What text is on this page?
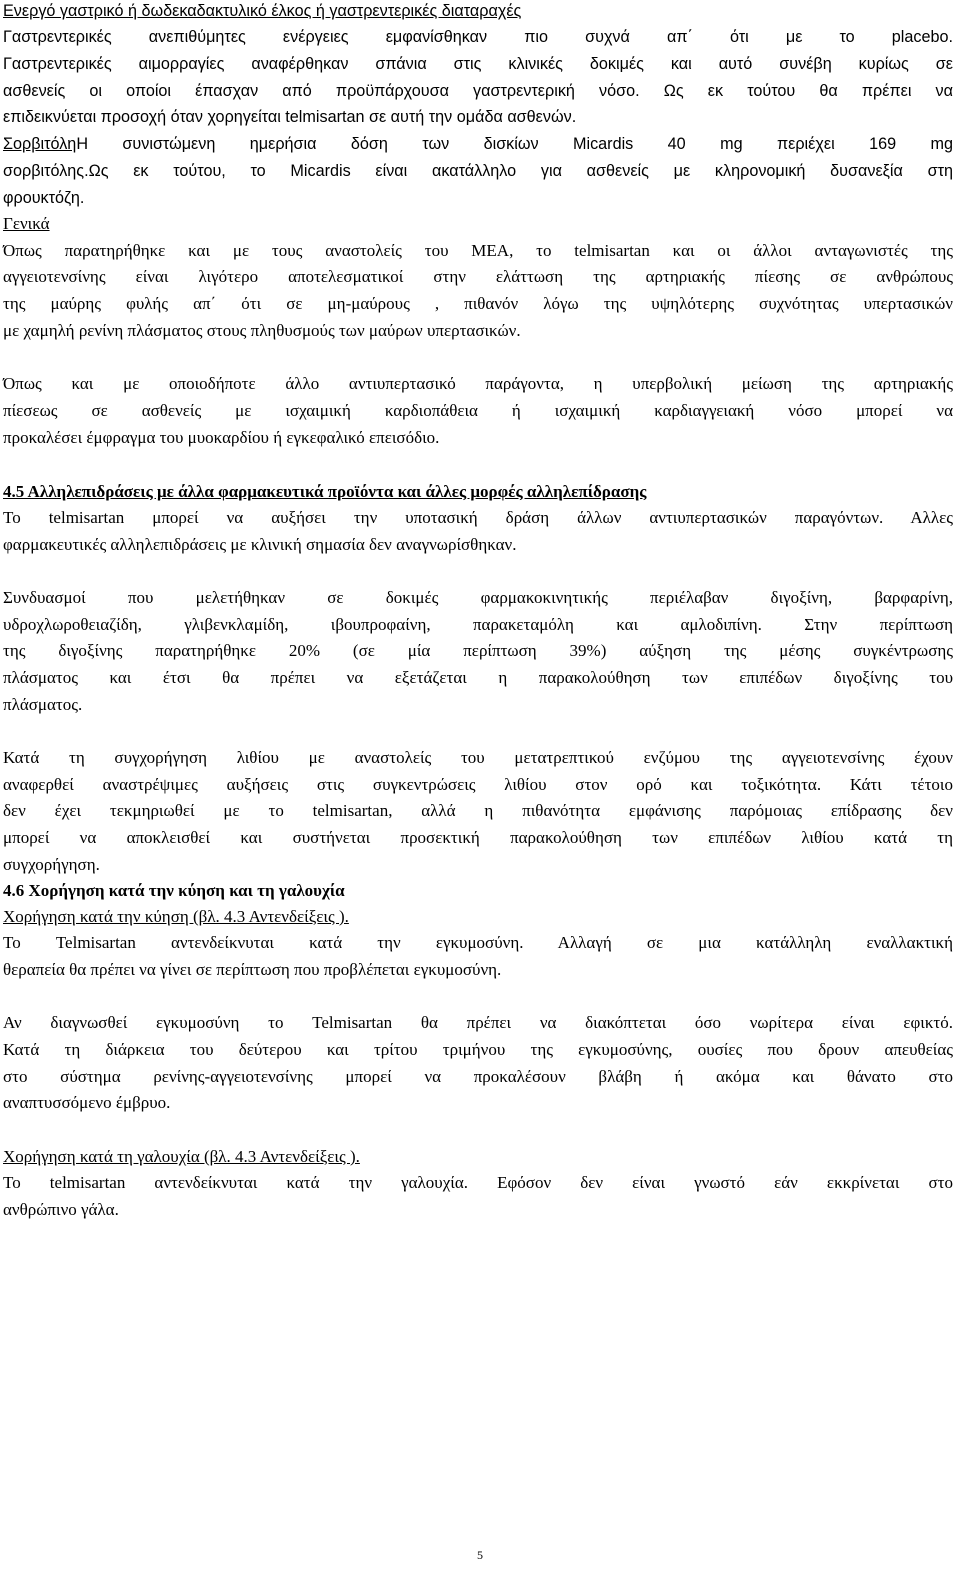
Ενεργό γαστρικό ή δωδεκαδακτυλικό έλκος ή γαστρεντερικές διαταραχές
Γαστρεντερικές ανεπιθύμητες ενέργειες εμφανίσθηκαν πιο συχνά απ΄ ότι με το placebo.
Γαστρεντερικές αιμορραγίες αναφέρθηκαν σπάνια στις κλινικές δοκιμές και αυτό συνέβη κυρίως σε
ασθενείς οι οποίοι έπασχαν από προϋπάρχουσα γαστρεντερική νόσο. Ως εκ τούτου θα πρέπει να
επιδεικνύεται προσοχή όταν χορηγείται telmisartan σε αυτή την ομάδα ασθενών.
ΣορβιτόληΗ συνιστώμενη ημερήσια δόση των δισκίων Micardis 40 mg περιέχει 169 mg
σορβιτόλης.Ως εκ τούτου, το Micardis είναι ακατάλληλο για ασθενείς με κληρονομική δυσανεξία στη
φρουκτόζη.
Γενικά
Όπως παρατηρήθηκε και με τους αναστολείς του ΜΕΑ, το telmisartan και οι άλλοι ανταγωνιστές της
αγγειοτενσίνης είναι λιγότερο αποτελεσματικοί στην ελάττωση της αρτηριακής πίεσης σε ανθρώπους
της μαύρης φυλής απ΄ ότι σε μη-μαύρους , πιθανόν λόγω της υψηλότερης συχνότητας υπερτασικών
με χαμηλή ρενίνη πλάσματος στους πληθυσμούς των μαύρων υπερτασικών.
Όπως και με οποιοδήποτε άλλο αντιυπερτασικό παράγοντα, η υπερβολική μείωση της αρτηριακής
πίεσεως σε ασθενείς με ισχαιμική καρδιοπάθεια ή ισχαιμική καρδιαγγειακή νόσο μπορεί να
προκαλέσει έμφραγμα του μυοκαρδίου ή εγκεφαλικό επεισόδιο.
4.5 Αλληλεπιδράσεις με άλλα φαρμακευτικά προϊόντα και άλλες μορφές αλληλεπίδρασης
Το telmisartan μπορεί να αυξήσει την υποτασική δράση άλλων αντιυπερτασικών παραγόντων. Αλλες
φαρμακευτικές αλληλεπιδράσεις με κλινική σημασία δεν αναγνωρίσθηκαν.
Συνδυασμοί που μελετήθηκαν σε δοκιμές φαρμακοκινητικής περιέλαβαν διγοξίνη, βαρφαρίνη,
υδροχλωροθειαζίδη, γλιβενκλαμίδη, ιβουπροφαίνη, παρακεταμόλη και αμλοδιπίνη. Στην περίπτωση
της διγοξίνης παρατηρήθηκε 20% (σε μία περίπτωση 39%) αύξηση της μέσης συγκέντρωσης
πλάσματος και έτσι θα πρέπει να εξετάζεται η παρακολούθηση των επιπέδων διγοξίνης του
πλάσματος.
Κατά τη συγχορήγηση λιθίου με αναστολείς του μετατρεπτικού ενζύμου της αγγειοτενσίνης έχουν
αναφερθεί αναστρέψιμες αυξήσεις στις συγκεντρώσεις λιθίου στον ορό και τοξικότητα. Κάτι τέτοιο
δεν έχει τεκμηριωθεί με το telmisartan, αλλά η πιθανότητα εμφάνισης παρόμοιας επίδρασης δεν
μπορεί να αποκλεισθεί και συστήνεται προσεκτική παρακολούθηση των επιπέδων λιθίου κατά τη
συγχορήγηση.
4.6 Χορήγηση κατά την κύηση και τη γαλουχία
Χορήγηση κατά την κύηση (βλ. 4.3 Αντενδείξεις ).
Το Telmisartan αντενδείκνυται κατά την εγκυμοσύνη. Αλλαγή σε μια κατάλληλη εναλλακτική
θεραπεία θα πρέπει να γίνει σε περίπτωση που προβλέπεται εγκυμοσύνη.
Αν διαγνωσθεί εγκυμοσύνη το Telmisartan θα πρέπει να διακόπτεται όσο νωρίτερα είναι εφικτό.
Κατά τη διάρκεια του δεύτερου και τρίτου τριμήνου της εγκυμοσύνης, ουσίες που δρουν απευθείας
στο σύστημα ρενίνης-αγγειοτενσίνης μπορεί να προκαλέσουν βλάβη ή ακόμα και θάνατο στο
αναπτυσσόμενο έμβρυο.
Χορήγηση κατά τη γαλουχία (βλ. 4.3 Αντενδείξεις ).
Το telmisartan αντενδείκνυται κατά την γαλουχία. Εφόσον δεν είναι γνωστό εάν εκκρίνεται στο
ανθρώπινο γάλα.
5
